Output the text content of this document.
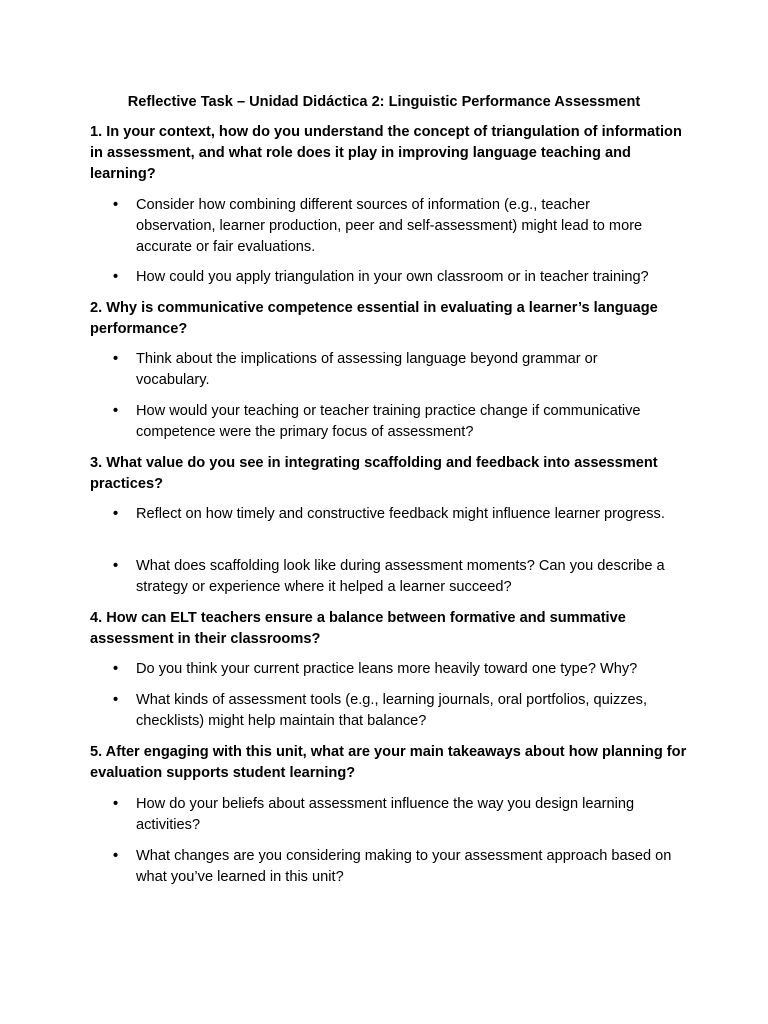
Reflective Task – Unidad Didáctica 2: Linguistic Performance Assessment
1. In your context, how do you understand the concept of triangulation of information in assessment, and what role does it play in improving language teaching and learning?
• Consider how combining different sources of information (e.g., teacher observation, learner production, peer and self-assessment) might lead to more accurate or fair evaluations.
• How could you apply triangulation in your own classroom or in teacher training?
2. Why is communicative competence essential in evaluating a learner’s language performance?
• Think about the implications of assessing language beyond grammar or vocabulary.
• How would your teaching or teacher training practice change if communicative competence were the primary focus of assessment?
3. What value do you see in integrating scaffolding and feedback into assessment practices?
• Reflect on how timely and constructive feedback might influence learner progress.
• What does scaffolding look like during assessment moments? Can you describe a strategy or experience where it helped a learner succeed?
4. How can ELT teachers ensure a balance between formative and summative assessment in their classrooms?
• Do you think your current practice leans more heavily toward one type? Why?
• What kinds of assessment tools (e.g., learning journals, oral portfolios, quizzes, checklists) might help maintain that balance?
5. After engaging with this unit, what are your main takeaways about how planning for evaluation supports student learning?
• How do your beliefs about assessment influence the way you design learning activities?
• What changes are you considering making to your assessment approach based on what you’ve learned in this unit?
